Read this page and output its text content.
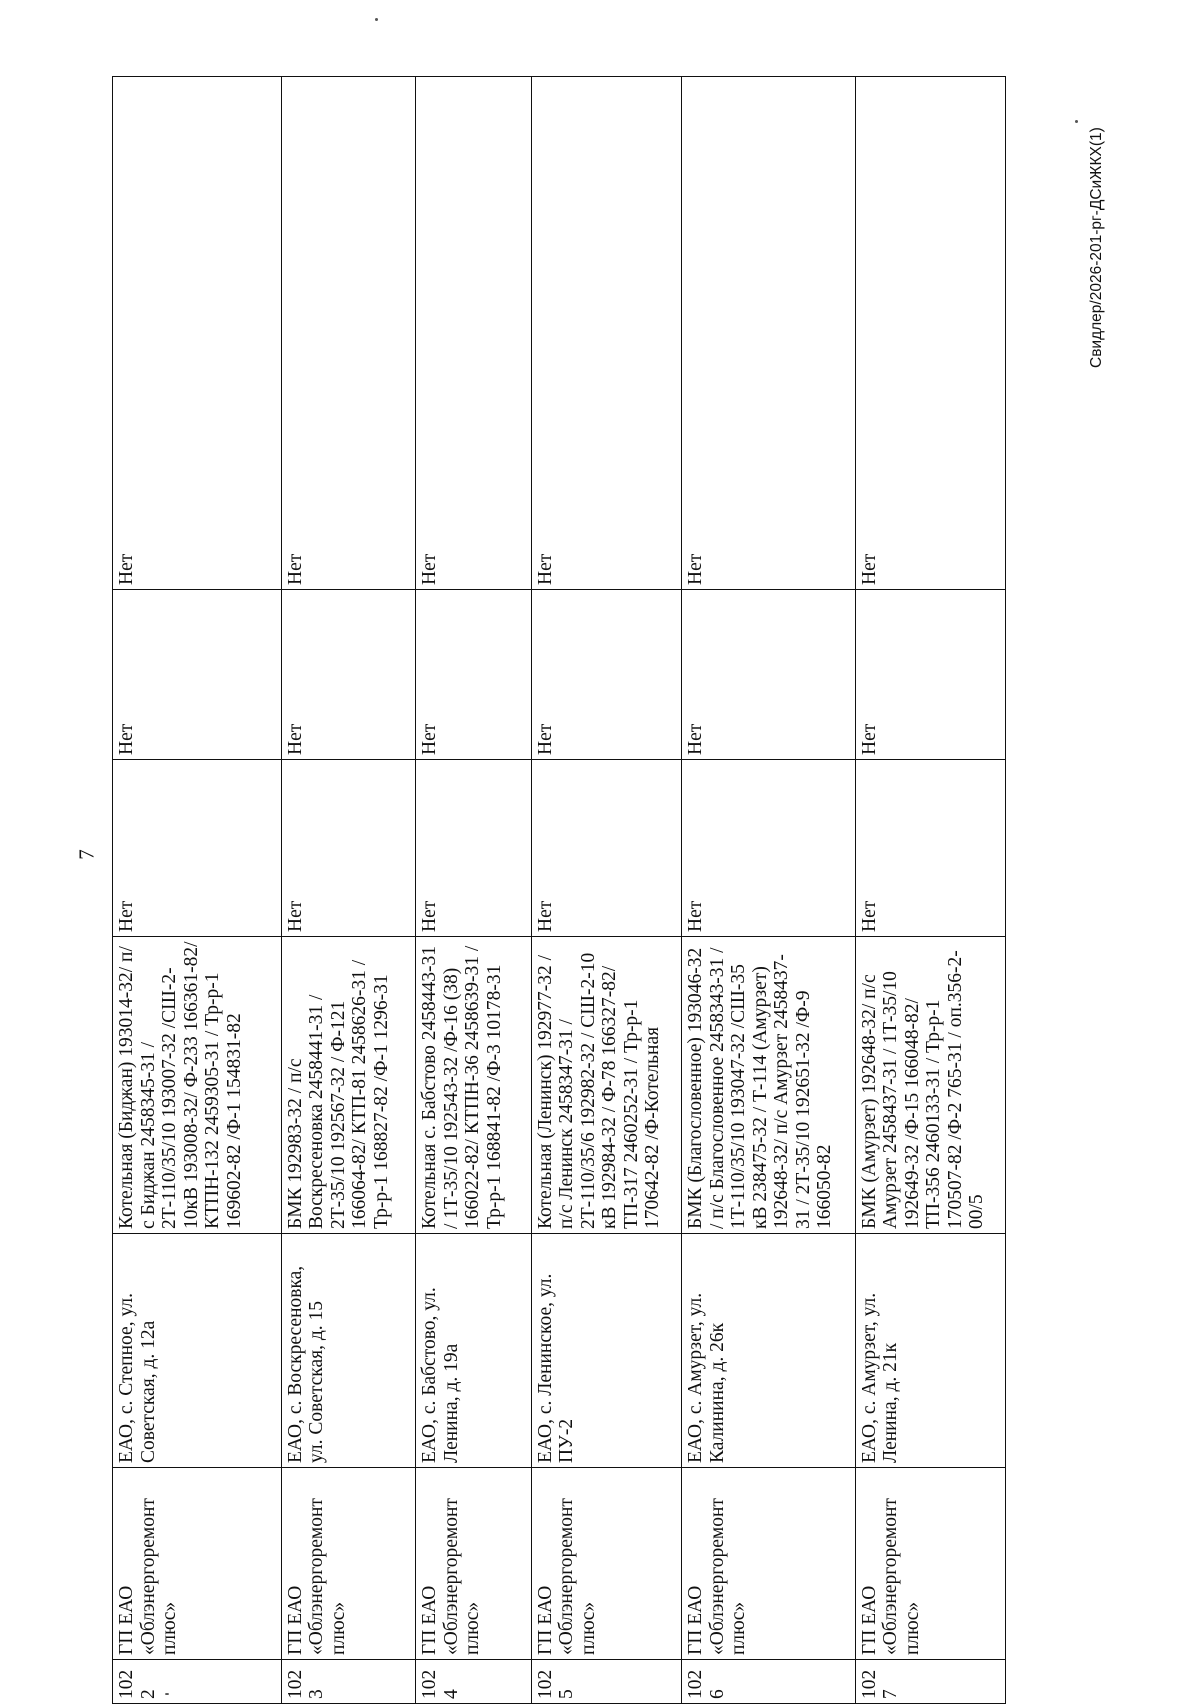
7
1022	ГП ЕАО «Облэнергоремонт плюс»	ЕАО, с. Степное, ул. Советская, д. 12а	Котельная (Биджан) 193014-32/ п/с Биджан 2458345-31 / 2Т-110/35/10 193007-32 /СШ-2-10кВ 193008-32/ Ф-233 166361-82/ КТПН-132 2459305-31 / Тр-р-1 169602-82 /Ф-1 154831-82	Нет	Нет	Нет
1023	ГП ЕАО «Облэнергоремонт плюс»	ЕАО, с. Воскресеновка, ул. Советская, д. 15	БМК 192983-32 / п/с Воскресеновка 2458441-31 / 2Т-35/10 192567-32 / Ф-121 166064-82/ КТП-81 2458626-31 / Тр-р-1 168827-82 /Ф-1 1296-31	Нет	Нет	Нет
1024	ГП ЕАО «Облэнергоремонт плюс»	ЕАО, с. Бабстово, ул. Ленина, д. 19а	Котельная с. Бабстово 2458443-31 / 1Т-35/10 192543-32 /Ф-16 (38) 166022-82/ КТПН-36 2458639-31 / Тр-р-1 168841-82 /Ф-3 10178-31	Нет	Нет	Нет
1025	ГП ЕАО «Облэнергоремонт плюс»	ЕАО, с. Ленинское, ул. ПУ-2	Котельная (Ленинск) 192977-32 / п/с Ленинск 2458347-31 / 2Т-110/35/6 192982-32 / СШ-2-10 кВ 192984-32 / Ф-78 166327-82/ ТП-317 2460252-31 / Тр-р-1 170642-82 /Ф-Котельная	Нет	Нет	Нет
1026	ГП ЕАО «Облэнергоремонт плюс»	ЕАО, с. Амурзет, ул. Калинина, д. 26к	БМК (Благословенное) 193046-32 / п/с Благословенное 2458343-31 / 1Т-110/35/10 193047-32 /СШ-35 кВ 238475-32 / Т-114 (Амурзет) 192648-32/ п/с Амурзет 2458437-31 / 2Т-35/10 192651-32 /Ф-9 166050-82	Нет	Нет	Нет
1027	ГП ЕАО «Облэнергоремонт плюс»	ЕАО, с. Амурзет, ул. Ленина, д. 21к	БМК (Амурзет) 192648-32/ п/с Амурзет 2458437-31 / 1Т-35/10 192649-32 /Ф-15 166048-82/ ТП-356 2460133-31 / Тр-р-1 170507-82 /Ф-2 765-31 / оп.356-2-00/5	Нет	Нет	Нет
Свидлер/2026-201-рг-ДСиЖКХ(1)
